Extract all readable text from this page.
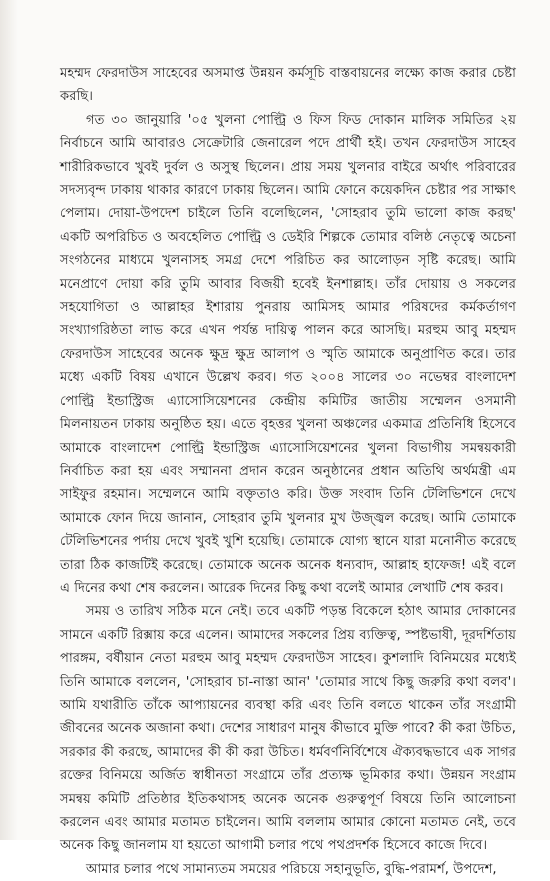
মহম্মদ ফেরদাউস সাহেবের অসমাপ্ত উন্নয়ন কর্মসূচি বাস্তবায়নের লক্ষ্যে কাজ করার চেষ্টা করছি।

গত ৩০ জানুয়ারি '০৫ খুলনা পোল্ট্রি ও ফিস ফিড দোকান মালিক সমিতির ২য় নির্বাচনে আমি আবারও সেক্রেটারি জেনারেল পদে প্রার্থী হই। তখন ফেরদাউস সাহেব শারীরিকভাবে খুবই দুর্বল ও অসুস্থ ছিলেন। প্রায় সময় খুলনার বাইরে অর্থাৎ পরিবারের সদস্যবৃন্দ ঢাকায় থাকার কারণে ঢাকায় ছিলেন। আমি ফোনে কয়েকদিন চেষ্টার পর সাক্ষাৎ পেলাম। দোয়া-উপদেশ চাইলে তিনি বলেছিলেন, 'সোহরাব তুমি ভালো কাজ করছ' একটি অপরিচিত ও অবহেলিত পোল্ট্রি ও ডেইরি শিল্পকে তোমার বলিষ্ঠ নেতৃত্বে অচেনা সংগঠনের মাধ্যমে খুলনাসহ সমগ্র দেশে পরিচিত কর আলোড়ন সৃষ্টি করেছ। আমি মনেপ্রাণে দোয়া করি তুমি আবার বিজয়ী হবেই ইনশাল্লাহ। তাঁর দোয়ায় ও সকলের সহযোগিতা ও আল্লাহর ইশারায় পুনরায় আমিসহ আমার পরিষদের কর্মকর্তাগণ সংখ্যাগরিষ্ঠতা লাভ করে এখন পর্যন্ত দায়িত্ব পালন করে আসছি। মরহুম আবু মহম্মদ ফেরদাউস সাহেবের অনেক ক্ষুদ্র ক্ষুদ্র আলাপ ও স্মৃতি আমাকে অনুপ্রাণিত করে। তার মধ্যে একটি বিষয় এখানে উল্লেখ করব। গত ২০০৪ সালের ৩০ নভেম্বর বাংলাদেশ পোল্ট্রি ইন্ডাস্ট্রিজ এ্যাসোসিয়েশনের কেন্দ্রীয় কমিটির জাতীয় সম্মেলন ওসমানী মিলনায়তন ঢাকায় অনুষ্ঠিত হয়। এতে বৃহত্তর খুলনা অঞ্চলের একমাত্র প্রতিনিধি হিসেবে আমাকে বাংলাদেশ পোল্ট্রি ইন্ডাস্ট্রিজ এ্যাসোসিয়েশনের খুলনা বিভাগীয় সমন্বয়কারী নির্বাচিত করা হয় এবং সম্মাননা প্রদান করেন অনুষ্ঠানের প্রধান অতিথি অর্থমন্ত্রী এম সাইফুর রহমান। সম্মেলনে আমি বক্তৃতাও করি। উক্ত সংবাদ তিনি টেলিভিশনে দেখে আমাকে ফোন দিয়ে জানান, সোহরাব তুমি খুলনার মুখ উজ্জ্বল করেছ। আমি তোমাকে টেলিভিশনের পর্দায় দেখে খুবই খুশি হয়েছি। তোমাকে যোগ্য স্থানে যারা মনোনীত করেছে তারা ঠিক কাজটিই করেছে। তোমাকে অনেক অনেক ধন্যবাদ, আল্লাহ হাফেজ! এই বলে এ দিনের কথা শেষ করলেন। আরেক দিনের কিছু কথা বলেই আমার লেখাটি শেষ করব।

সময় ও তারিখ সঠিক মনে নেই। তবে একটি পড়ন্ত বিকেলে হঠাৎ আমার দোকানের সামনে একটি রিক্সায় করে এলেন। আমাদের সকলের প্রিয় ব্যক্তিত্ব, স্পষ্টভাষী, দূরদর্শিতায় পারঙ্গম, বর্ষীয়ান নেতা মরহুম আবু মহম্মদ ফেরদাউস সাহেব। কুশলাদি বিনিময়ের মধ্যেই তিনি আমাকে বললেন, 'সোহরাব চা-নাস্তা আন' 'তোমার সাথে কিছু জরুরি কথা বলব'। আমি যথারীতি তাঁকে আপ্যায়নের ব্যবস্থা করি এবং তিনি বলতে থাকেন তাঁর সংগ্রামী জীবনের অনেক অজানা কথা। দেশের সাধারণ মানুষ কীভাবে মুক্তি পাবে? কী করা উচিত, সরকার কী করছে, আমাদের কী কী করা উচিত। ধর্মবর্ণনির্বিশেষে ঐক্যবদ্ধভাবে এক সাগর রক্তের বিনিময়ে অর্জিত স্বাধীনতা সংগ্রামে তাঁর প্রত্যক্ষ ভূমিকার কথা। উন্নয়ন সংগ্রাম সমন্বয় কমিটি প্রতিষ্ঠার ইতিকথাসহ অনেক অনেক গুরুত্বপূর্ণ বিষয়ে তিনি আলোচনা করলেন এবং আমার মতামত চাইলেন। আমি বললাম আমার কোনো মতামত নেই, তবে অনেক কিছু জানলাম যা হয়তো আগামী চলার পথে পথপ্রদর্শক হিসেবে কাজে দিবে।

আমার চলার পথে সামান্যতম সময়ের পরিচয়ে সহানুভূতি, বুদ্ধি-পরামর্শ, উপদেশ,
